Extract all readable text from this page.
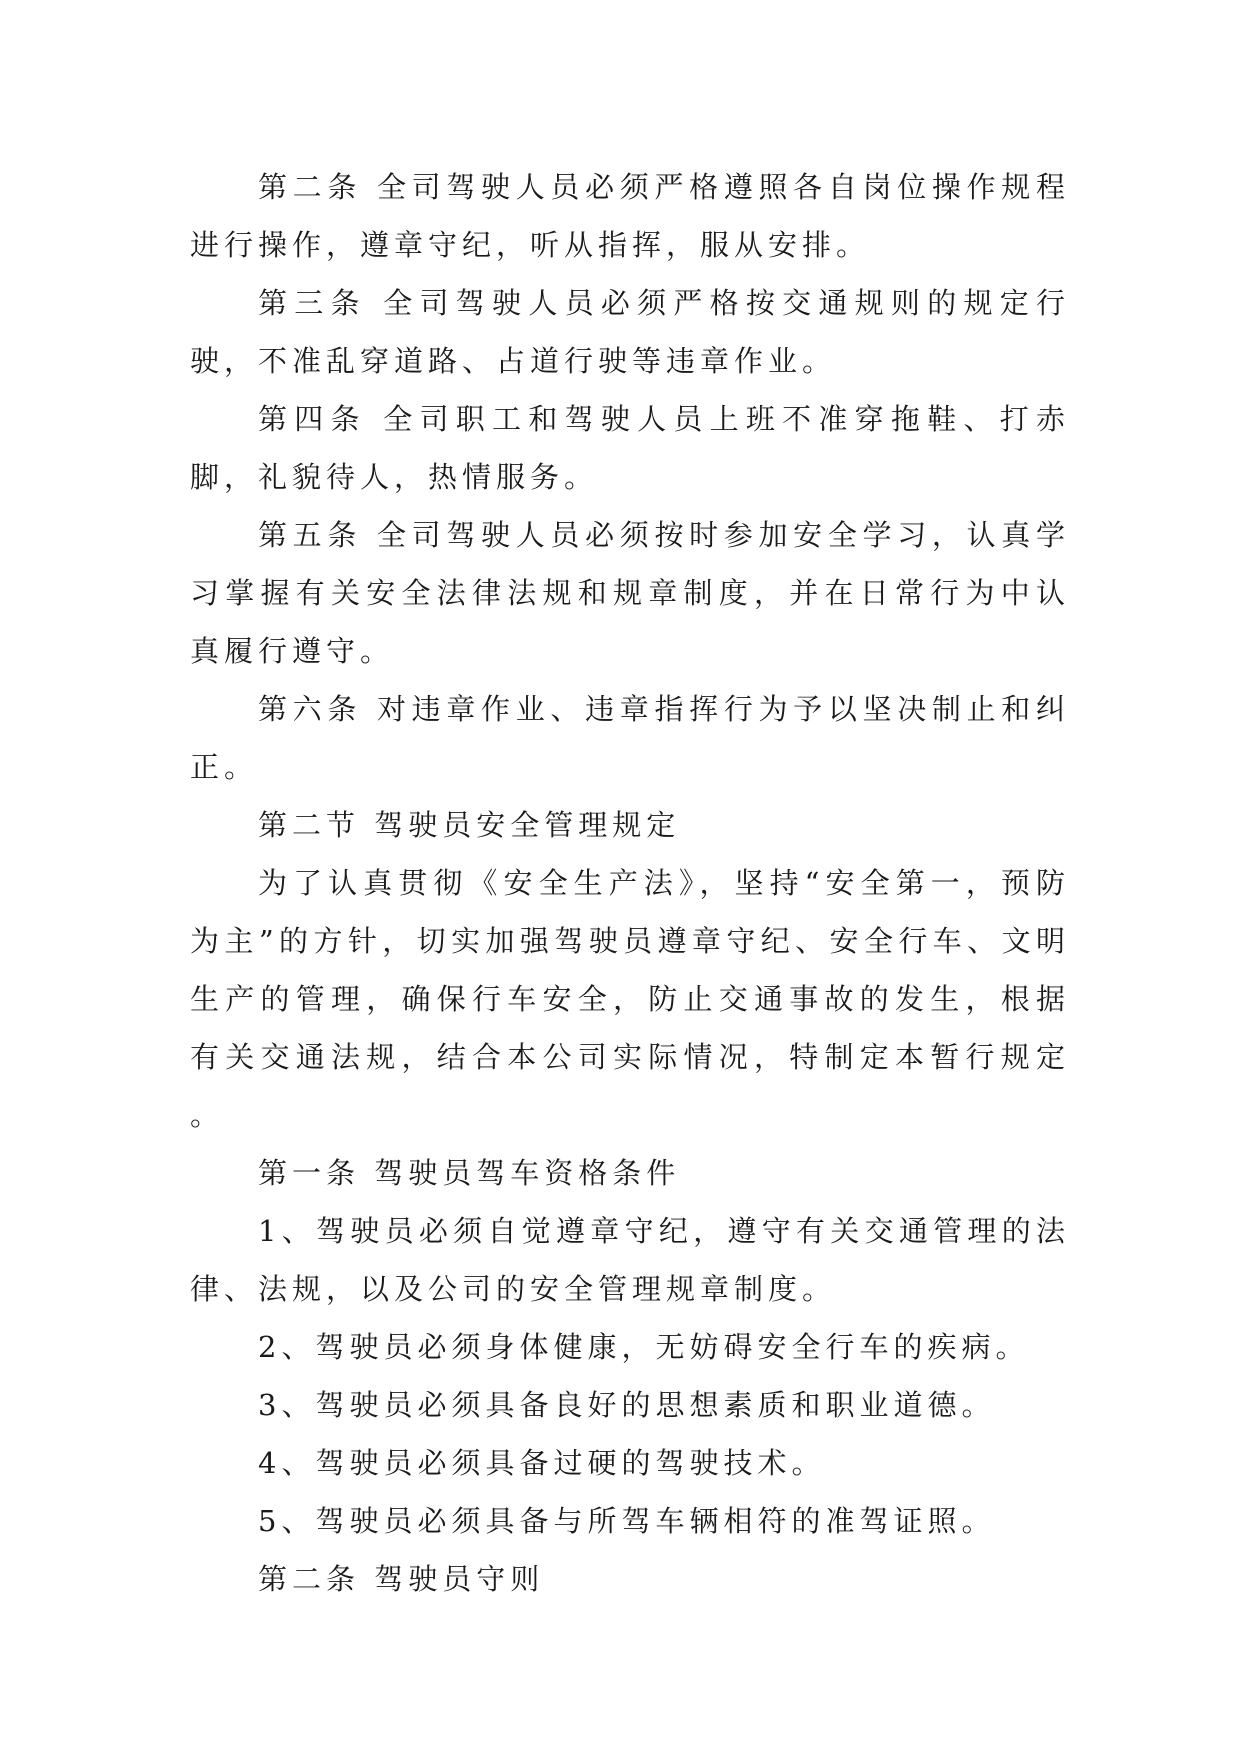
第二条 全司驾驶人员必须严格遵照各自岗位操作规程进行操作，遵章守纪，听从指挥，服从安排。

第三条 全司驾驶人员必须严格按交通规则的规定行驶，不准乱穿道路、占道行驶等违章作业。

第四条 全司职工和驾驶人员上班不准穿拖鞋、打赤脚，礼貌待人，热情服务。

第五条 全司驾驶人员必须按时参加安全学习，认真学习掌握有关安全法律法规和规章制度，并在日常行为中认真履行遵守。

第六条 对违章作业、违章指挥行为予以坚决制止和纠正。

第二节 驾驶员安全管理规定

为了认真贯彻《安全生产法》，坚持“安全第一，预防为主”的方针，切实加强驾驶员遵章守纪、安全行车、文明生产的管理，确保行车安全，防止交通事故的发生，根据有关交通法规，结合本公司实际情况，特制定本暂行规定 。

第一条 驾驶员驾车资格条件

1、驾驶员必须自觉遵章守纪，遵守有关交通管理的法律、法规，以及公司的安全管理规章制度。

2、驾驶员必须身体健康，无妨碍安全行车的疾病。

3、驾驶员必须具备良好的思想素质和职业道德。

4、驾驶员必须具备过硬的驾驶技术。

5、驾驶员必须具备与所驾车辆相符的准驾证照。

第二条 驾驶员守则
